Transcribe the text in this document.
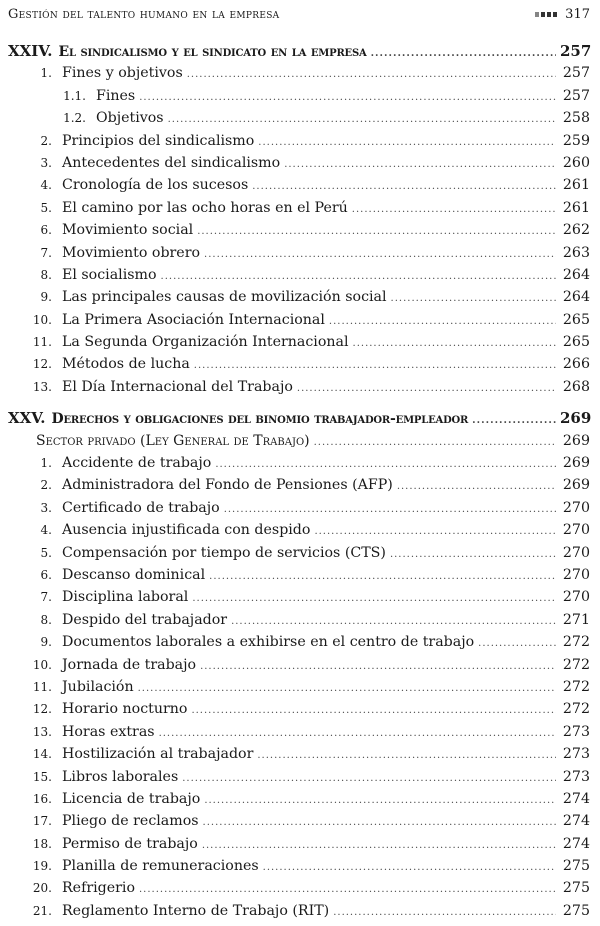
Gestión del talento humano en la empresa	317
XXIV. El sindicalismo y el sindicato en la empresa .....	257
1. Fines y objetivos .....	257
1.1. Fines .....	257
1.2. Objetivos .....	258
2. Principios del sindicalismo .....	259
3. Antecedentes del sindicalismo .....	260
4. Cronología de los sucesos .....	261
5. El camino por las ocho horas en el Perú .....	261
6. Movimiento social .....	262
7. Movimiento obrero .....	263
8. El socialismo .....	264
9. Las principales causas de movilización social .....	264
10. La Primera Asociación Internacional .....	265
11. La Segunda Organización Internacional .....	265
12. Métodos de lucha .....	266
13. El Día Internacional del Trabajo .....	268
XXV. Derechos y obligaciones del binomio trabajador-empleador .....	269
Sector privado (Ley General de Trabajo) .....	269
1. Accidente de trabajo .....	269
2. Administradora del Fondo de Pensiones (AFP) .....	269
3. Certificado de trabajo .....	270
4. Ausencia injustificada con despido .....	270
5. Compensación por tiempo de servicios (CTS) .....	270
6. Descanso dominical .....	270
7. Disciplina laboral .....	270
8. Despido del trabajador .....	271
9. Documentos laborales a exhibirse en el centro de trabajo .....	272
10. Jornada de trabajo .....	272
11. Jubilación .....	272
12. Horario nocturno .....	272
13. Horas extras .....	273
14. Hostilización al trabajador .....	273
15. Libros laborales .....	273
16. Licencia de trabajo .....	274
17. Pliego de reclamos .....	274
18. Permiso de trabajo .....	274
19. Planilla de remuneraciones .....	275
20. Refrigerio .....	275
21. Reglamento Interno de Trabajo (RIT) .....	275
